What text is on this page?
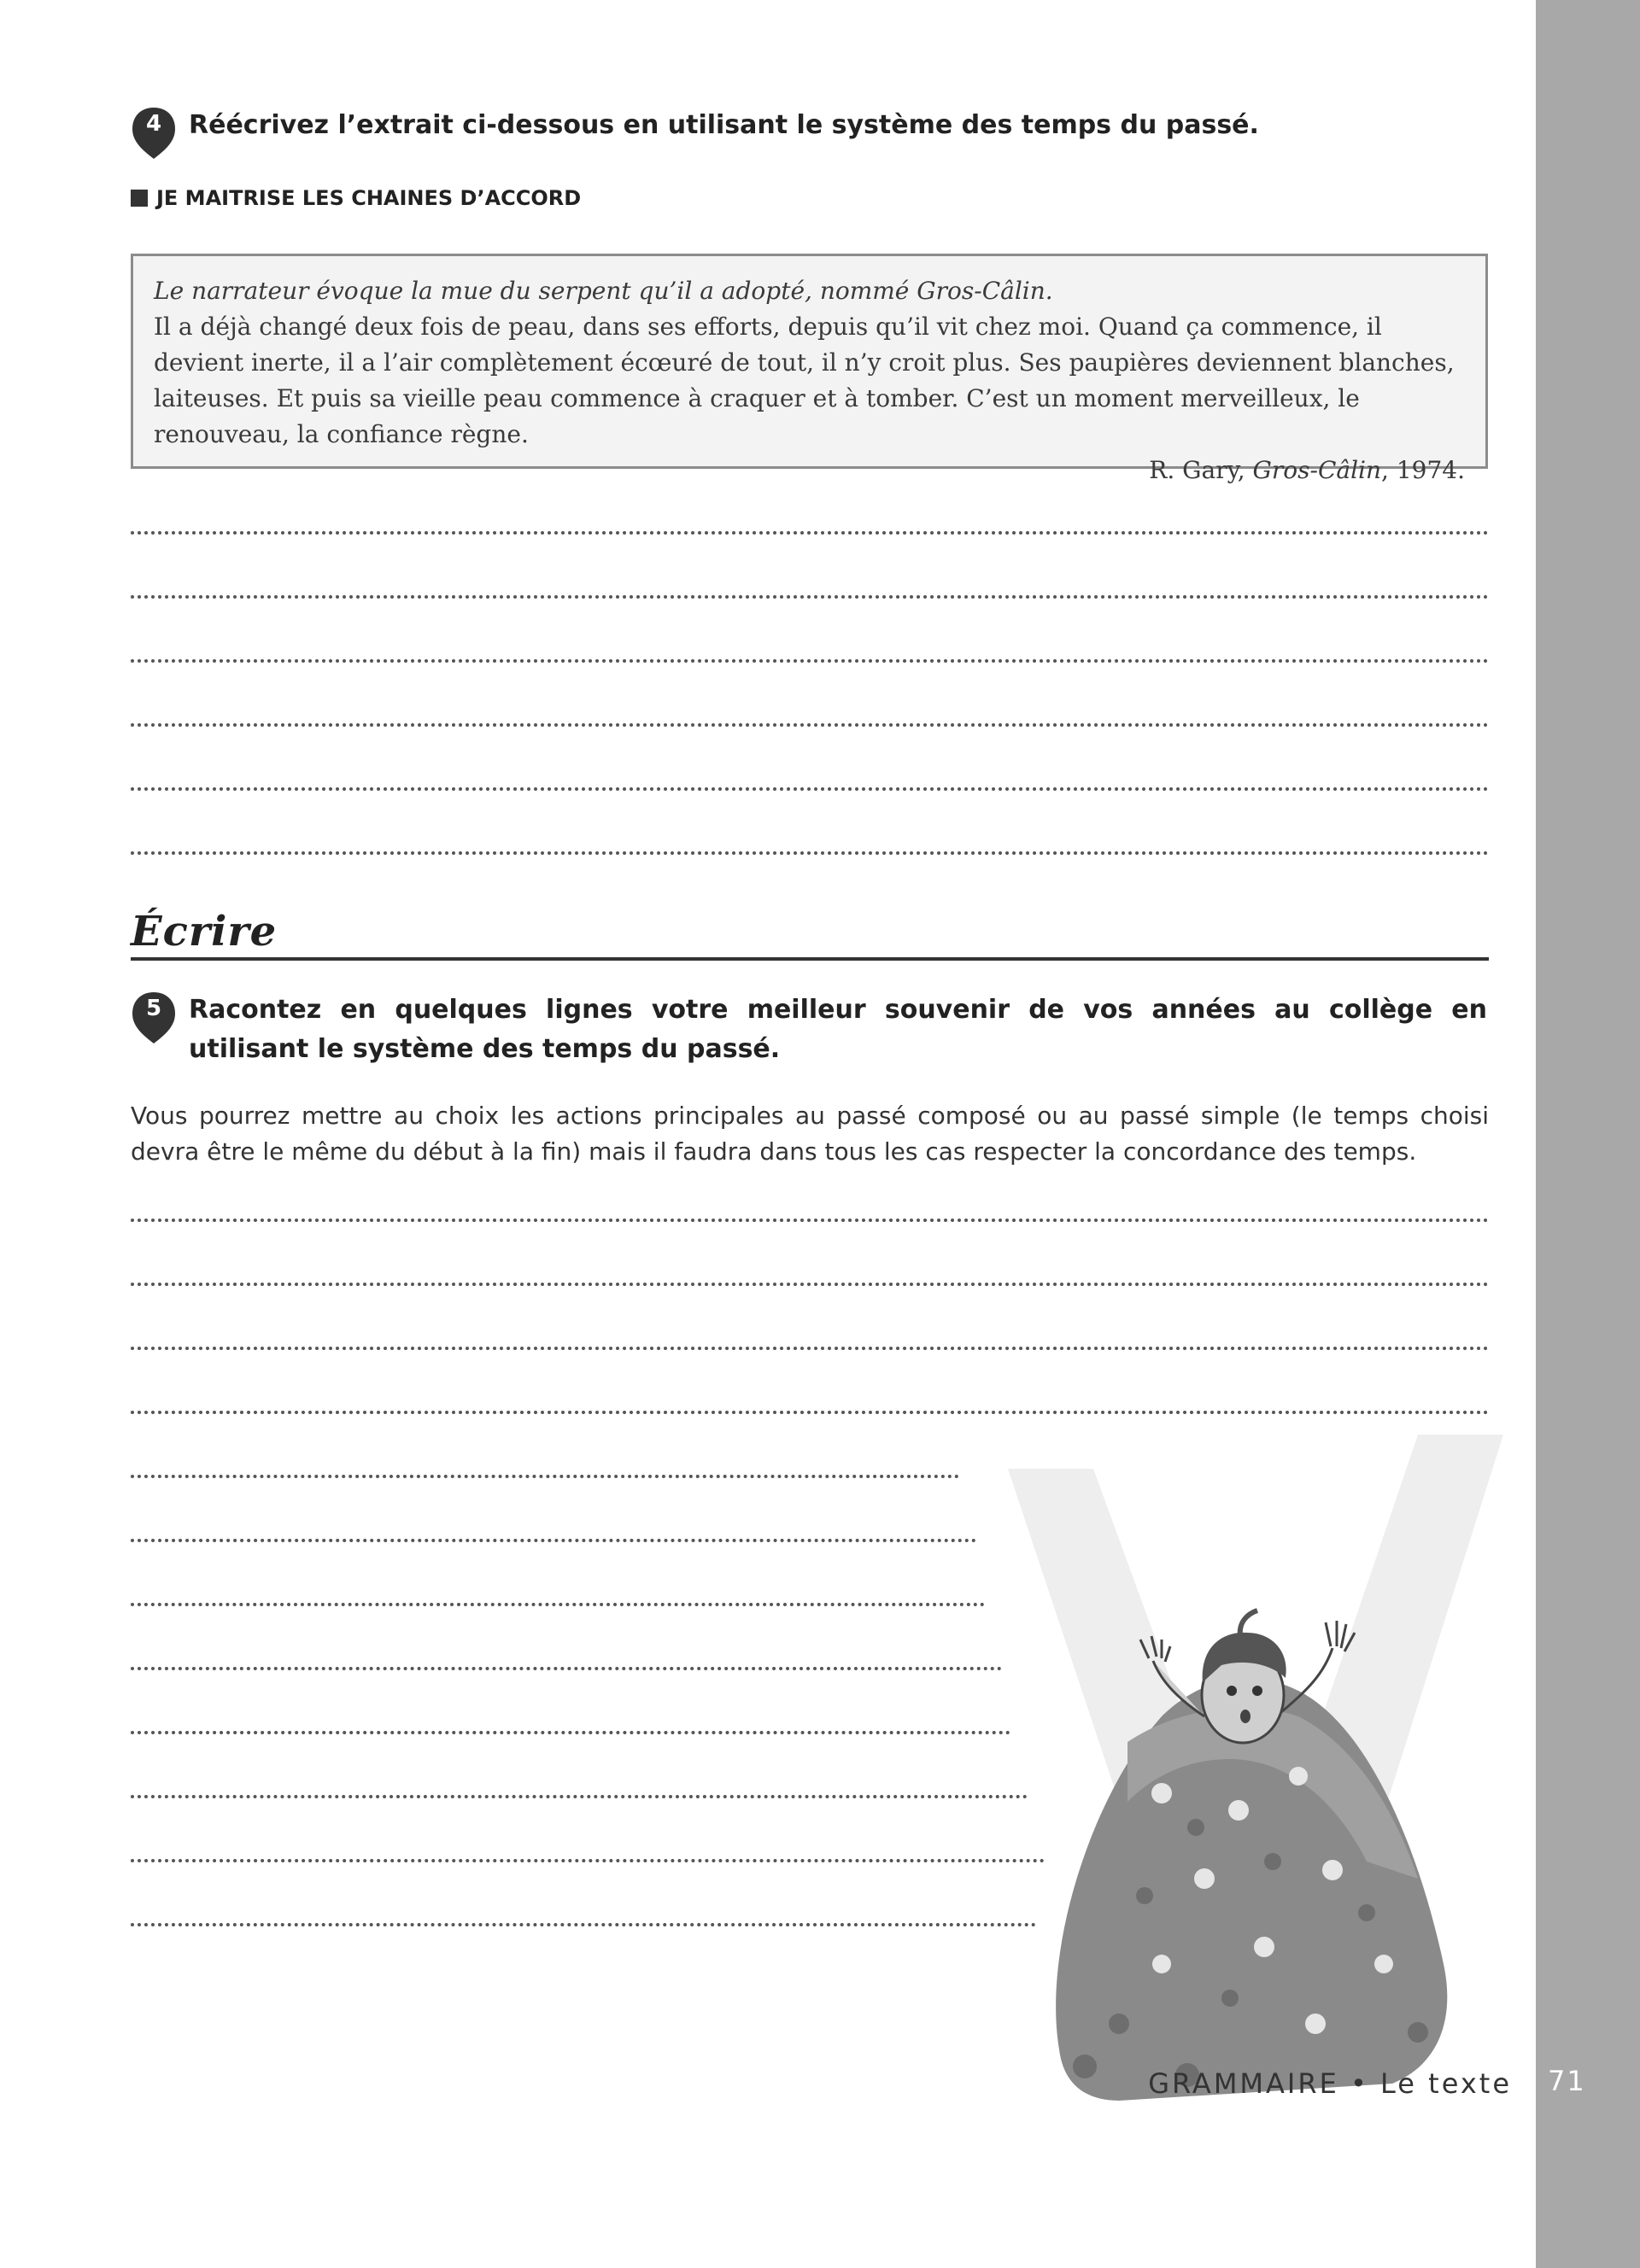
4	Réécrivez l’extrait ci-dessous en utilisant le système des temps du passé.
JE MAITRISE LES CHAINES D’ACCORD
Le narrateur évoque la mue du serpent qu’il a adopté, nommé Gros-Câlin.
Il a déjà changé deux fois de peau, dans ses efforts, depuis qu’il vit chez moi. Quand ça commence, il devient inerte, il a l’air complètement écœuré de tout, il n’y croit plus. Ses paupières deviennent blanches, laiteuses. Et puis sa vieille peau commence à craquer et à tomber. C’est un moment merveilleux, le renouveau, la confiance règne.
R. Gary, Gros-Câlin, 1974.
Écrire
5	Racontez en quelques lignes votre meilleur souvenir de vos années au collège en utilisant le système des temps du passé.
Vous pourrez mettre au choix les actions principales au passé composé ou au passé simple (le temps choisi devra être le même du début à la fin) mais il faudra dans tous les cas respecter la concordance des temps.
GRAMMAIRE • Le texte	71
